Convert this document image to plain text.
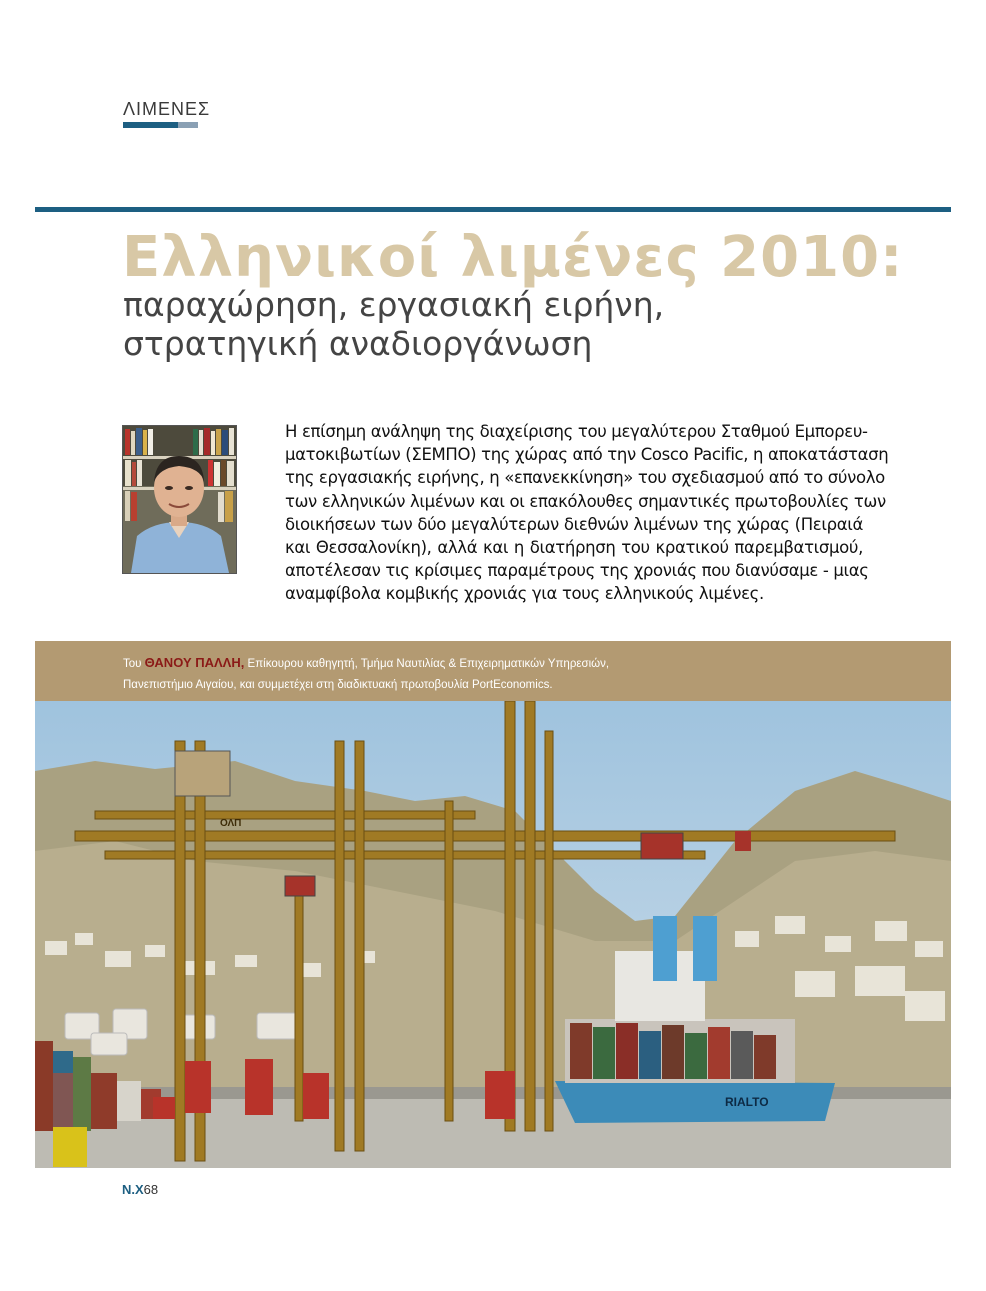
ΛΙΜΕΝΕΣ
Ελληνικοί λιμένες 2010:
παραχώρηση, εργασιακή ειρήνη,
στρατηγική αναδιοργάνωση
Η επίσημη ανάληψη της διαχείρισης του μεγαλύτερου Σταθμού Εμπορευ-
ματοκιβωτίων (ΣΕΜΠΟ) της χώρας από την Cosco Pacific, η αποκατάσταση
της εργασιακής ειρήνης, η «επανεκκίνηση» του σχεδιασμού από το σύνολο
των ελληνικών λιμένων και οι επακόλουθες σημαντικές πρωτοβουλίες των
διοικήσεων των δύο μεγαλύτερων διεθνών λιμένων της χώρας (Πειραιά
και Θεσσαλονίκη), αλλά και η διατήρηση του κρατικού παρεμβατισμού,
αποτέλεσαν τις κρίσιμες παραμέτρους της χρονιάς που διανύσαμε - μιας
αναμφίβολα κομβικής χρονιάς για τους ελληνικούς λιμένες.
Του ΘΑΝΟΥ ΠΑΛΛΗ, Επίκουρου καθηγητή, Τμήμα Ναυτιλίας & Επιχειρηματικών Υπηρεσιών,
Πανεπιστήμιο Αιγαίου, και συμμετέχει στη διαδικτυακή πρωτοβουλία PortEconomics.
RIALTO
ΟΛΠ
Ν.Χ68
